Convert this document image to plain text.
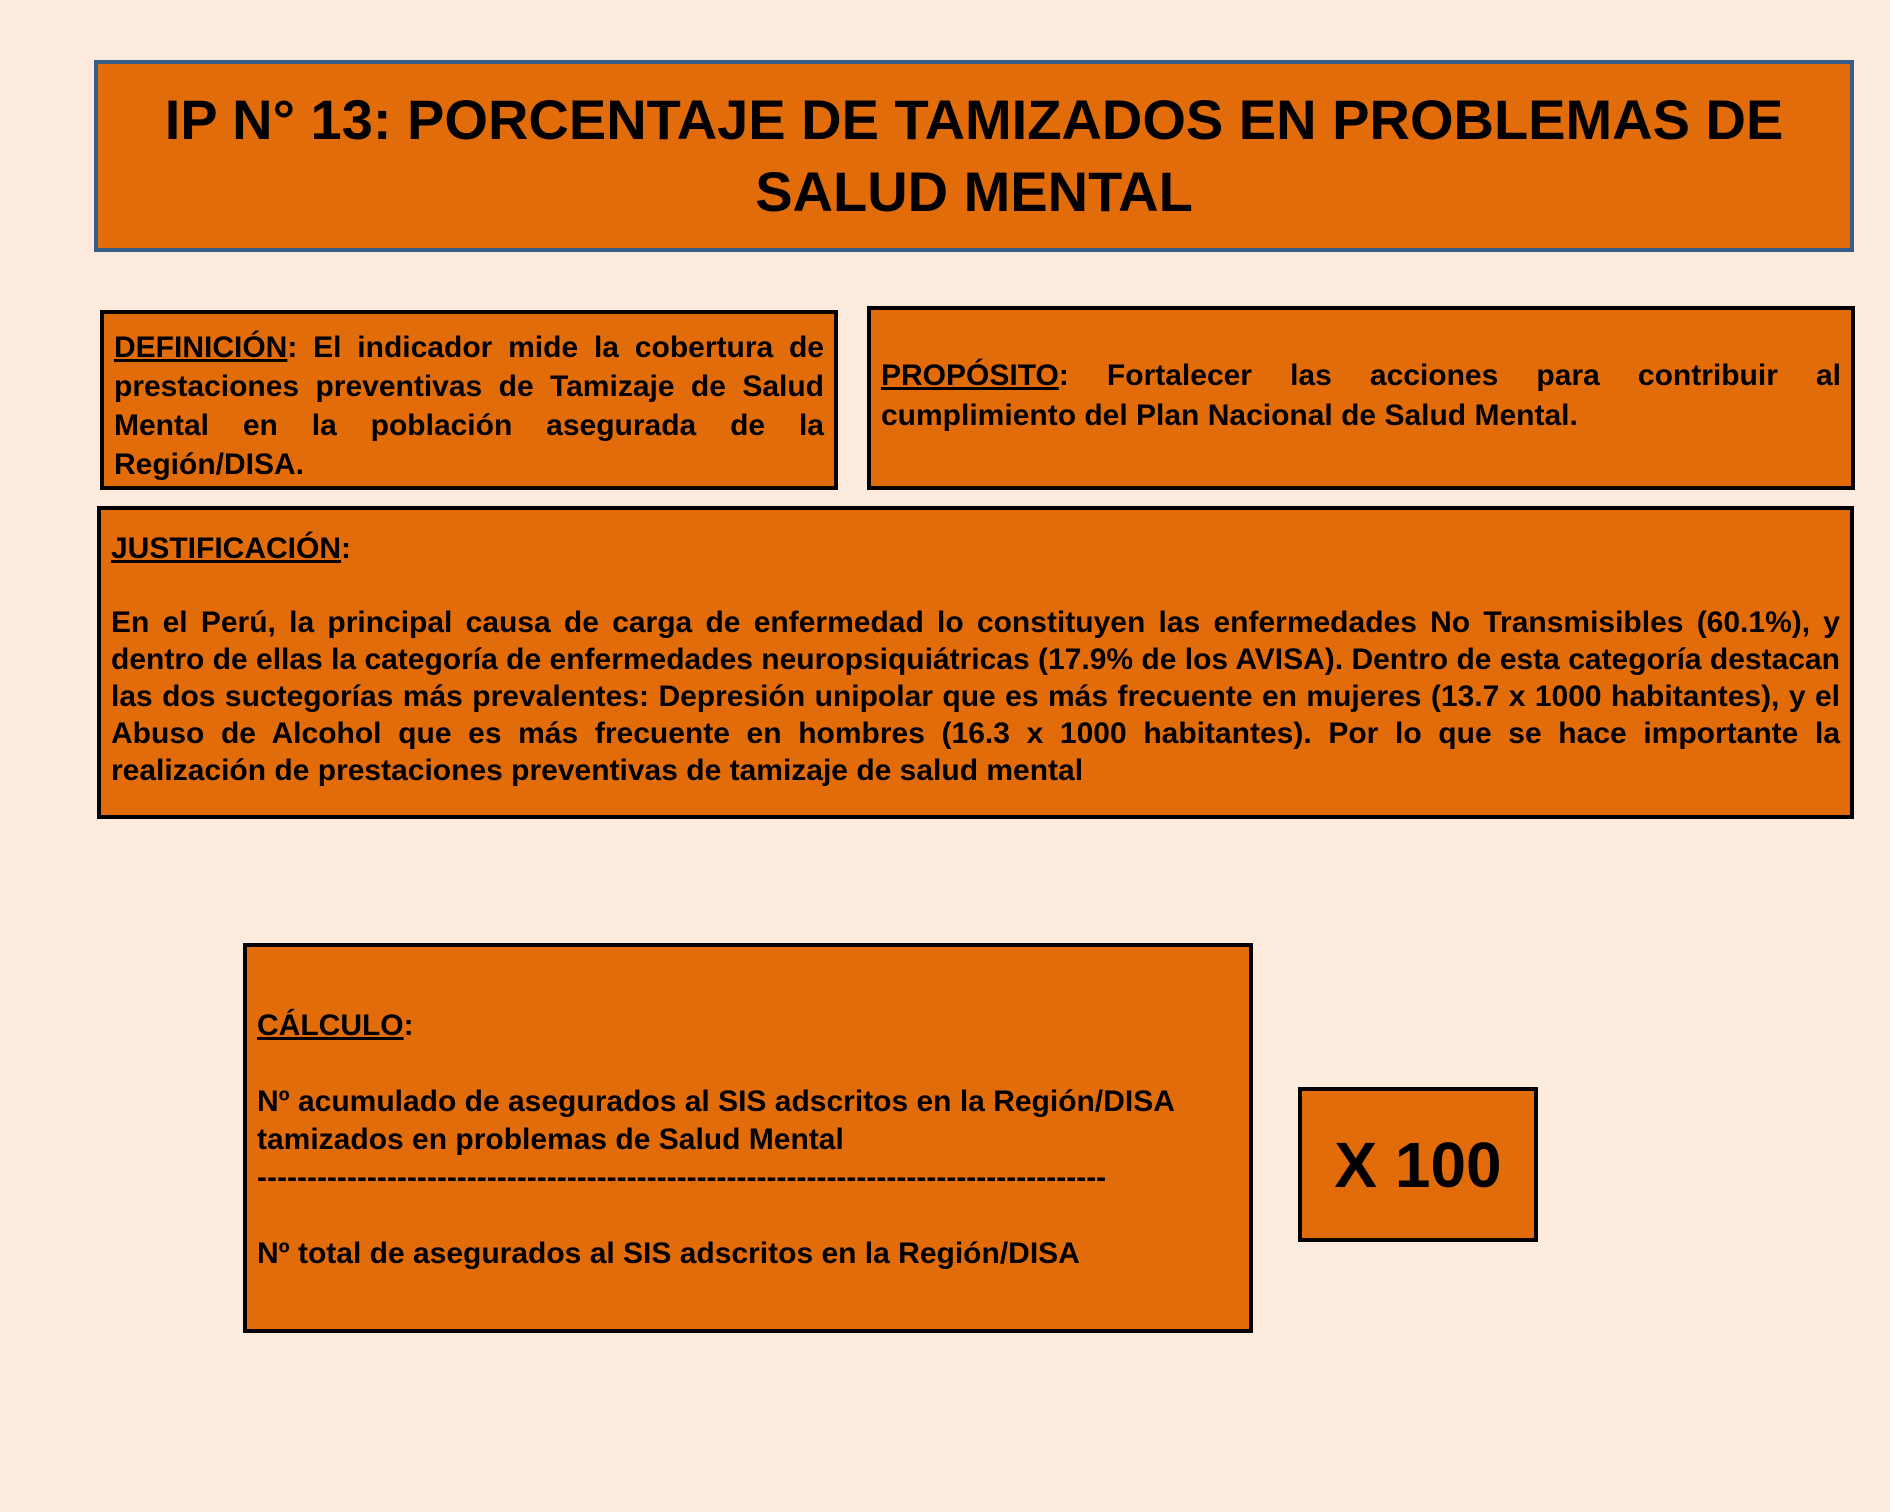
IP N° 13: PORCENTAJE DE TAMIZADOS EN PROBLEMAS DE SALUD MENTAL
DEFINICIÓN: El indicador mide la cobertura de prestaciones preventivas de Tamizaje de Salud Mental en la población asegurada de la Región/DISA.
PROPÓSITO: Fortalecer las acciones para contribuir al cumplimiento del Plan Nacional de Salud Mental.
JUSTIFICACIÓN:
En el Perú, la principal causa de carga de enfermedad lo constituyen las enfermedades No Transmisibles (60.1%), y dentro de ellas la categoría de enfermedades neuropsiquiátricas (17.9% de los AVISA). Dentro de esta categoría destacan las dos suctegorías más prevalentes: Depresión unipolar que es más frecuente en mujeres (13.7 x 1000 habitantes), y el Abuso de Alcohol que es más frecuente en hombres (16.3 x 1000 habitantes). Por lo que se hace importante la realización de prestaciones preventivas de tamizaje de salud mental
CÁLCULO:
Nº acumulado de asegurados al SIS adscritos en la Región/DISA tamizados en problemas de Salud Mental
-------------------------------------------------------------------------------------
Nº total de asegurados al SIS adscritos en la Región/DISA
X 100
